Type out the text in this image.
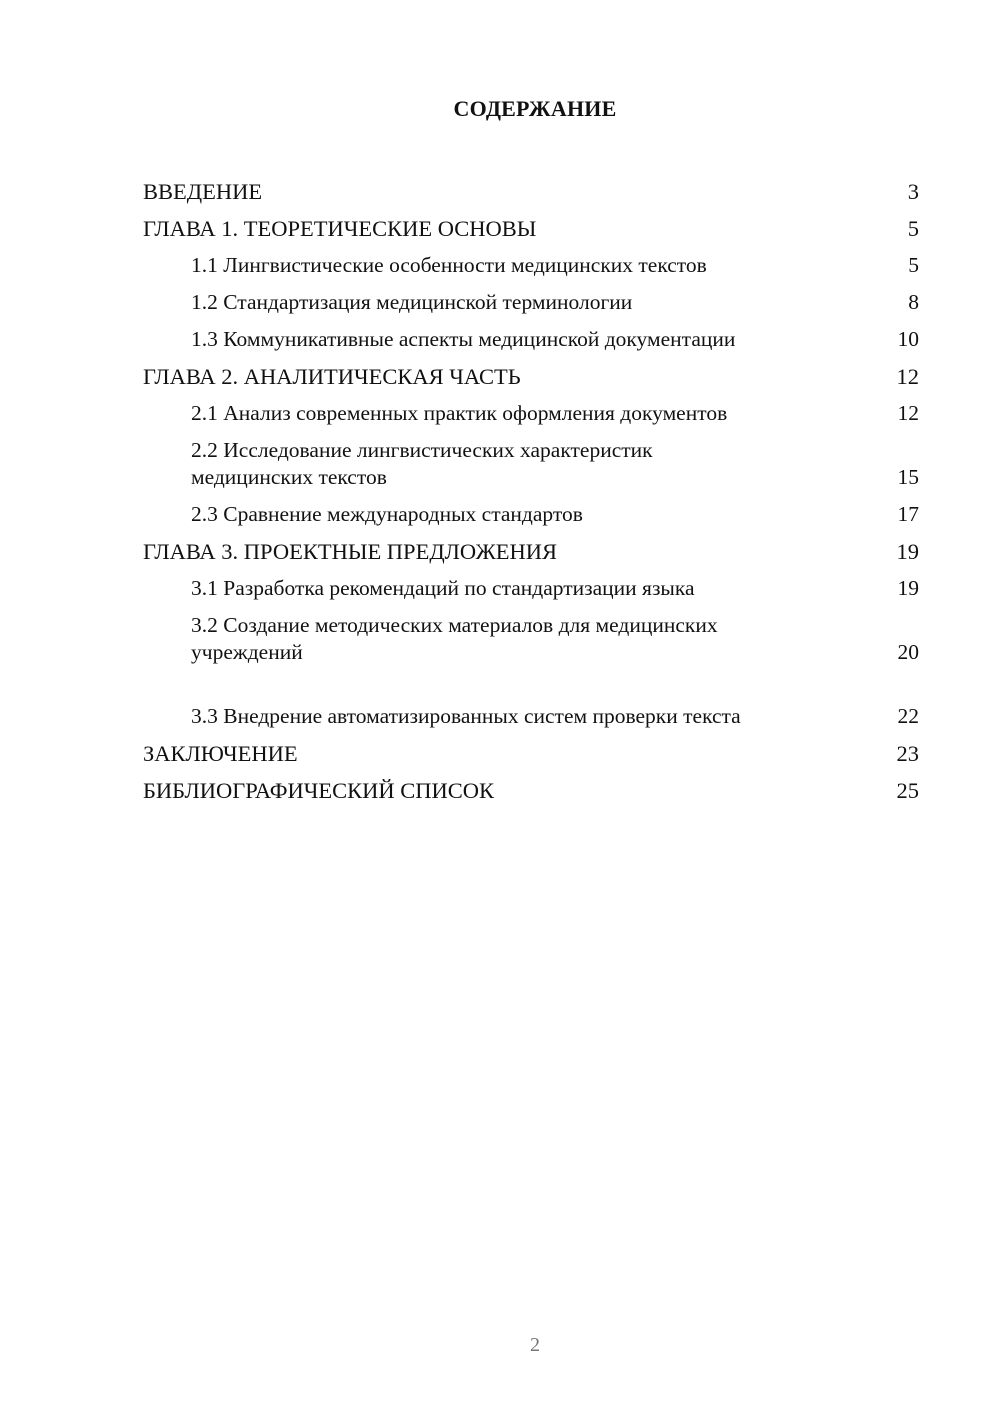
СОДЕРЖАНИЕ
ВВЕДЕНИЕ	3
ГЛАВА 1. ТЕОРЕТИЧЕСКИЕ ОСНОВЫ	5
1.1 Лингвистические особенности медицинских текстов	5
1.2 Стандартизация медицинской терминологии	8
1.3 Коммуникативные аспекты медицинской документации	10
ГЛАВА 2. АНАЛИТИЧЕСКАЯ ЧАСТЬ	12
2.1 Анализ современных практик оформления документов	12
2.2 Исследование лингвистических характеристик медицинских текстов	15
2.3 Сравнение международных стандартов	17
ГЛАВА 3. ПРОЕКТНЫЕ ПРЕДЛОЖЕНИЯ	19
3.1 Разработка рекомендаций по стандартизации языка	19
3.2 Создание методических материалов для медицинских учреждений	20
3.3 Внедрение автоматизированных систем проверки текста	22
ЗАКЛЮЧЕНИЕ	23
БИБЛИОГРАФИЧЕСКИЙ СПИСОК	25
2
